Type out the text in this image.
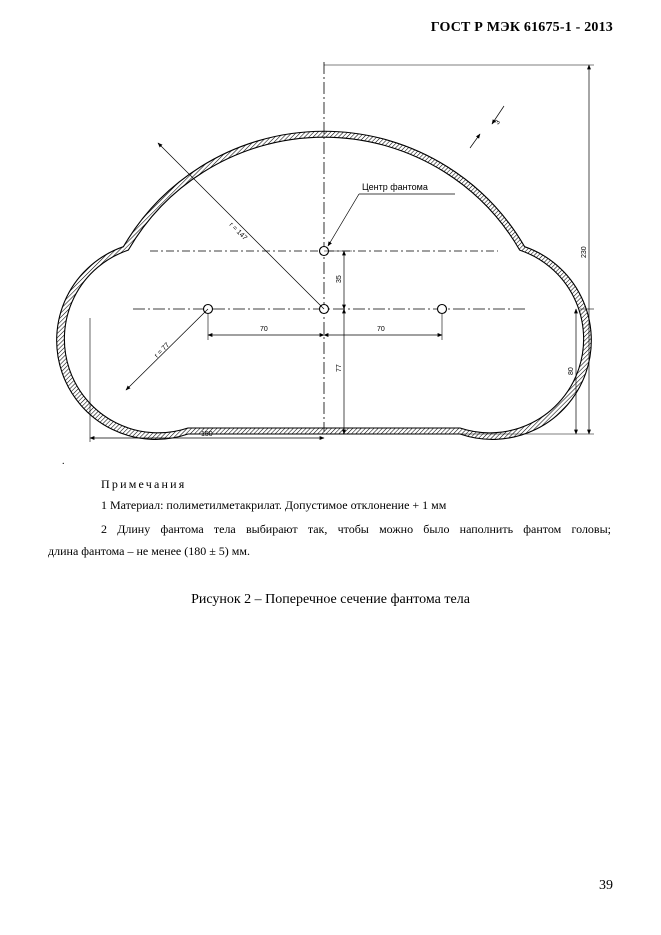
ГОСТ Р МЭК 61675-1 - 2013
Центр фантома
r = 147
r = 77
3
70	70
35
77
230
80
150
.
Примечания
1 Материал: полиметилметакрилат. Допустимое отклонение + 1 мм
2 Длину фантома тела выбирают так, чтобы можно было наполнить фантом головы;
длина фантома – не менее (180 ± 5) мм.
Рисунок 2 – Поперечное сечение фантома тела
39
